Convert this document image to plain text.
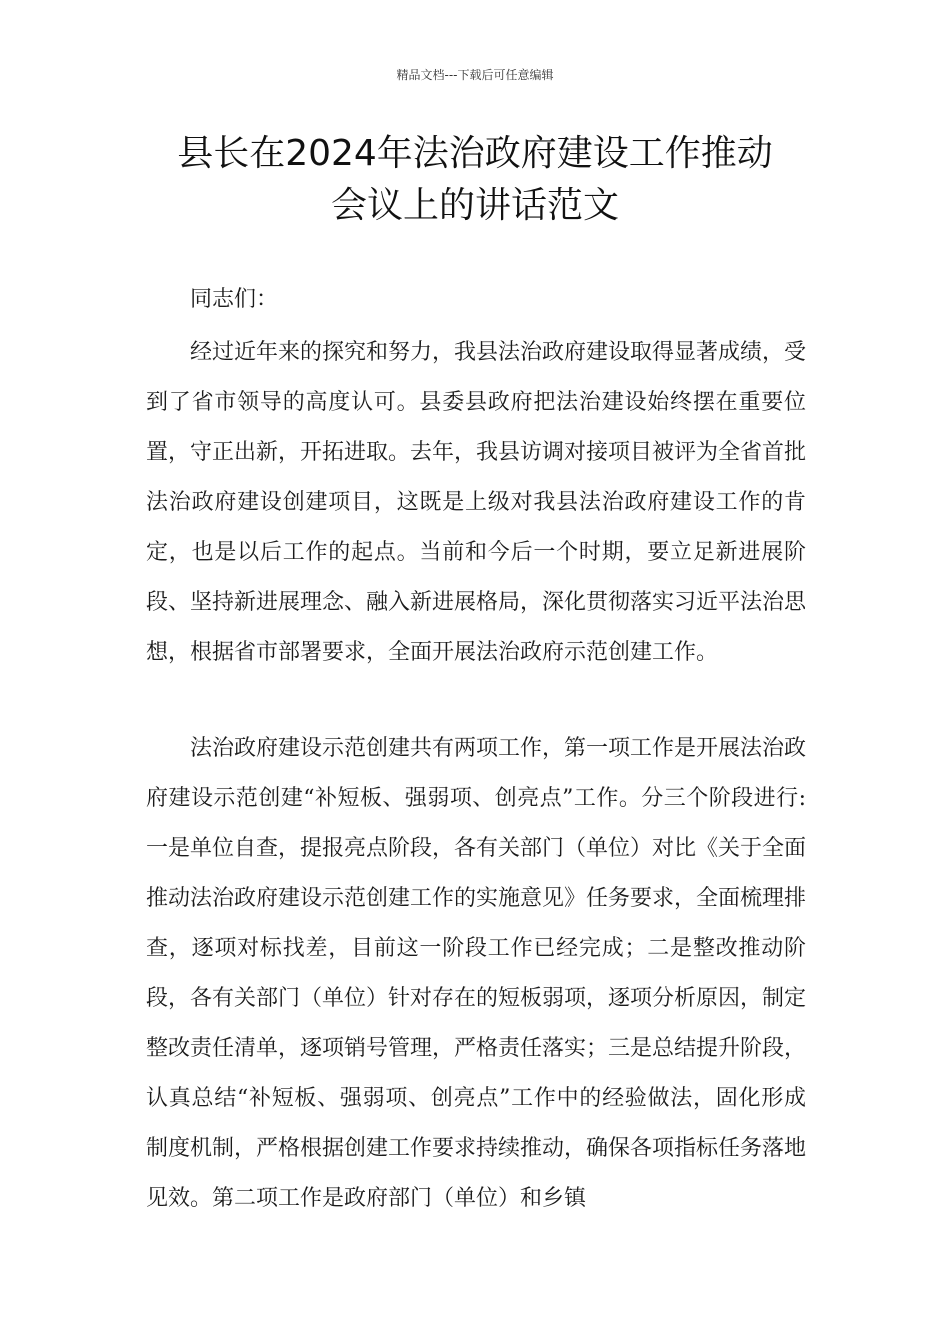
精品文档---下载后可任意编辑
县长在2024年法治政府建设工作推动
会议上的讲话范文

同志们：

经过近年来的探究和努力，我县法治政府建设取得显著成绩，受到了省市领导的高度认可。县委县政府把法治建设始终摆在重要位置，守正出新，开拓进取。去年，我县访调对接项目被评为全省首批法治政府建设创建项目，这既是上级对我县法治政府建设工作的肯定，也是以后工作的起点。当前和今后一个时期，要立足新进展阶段、坚持新进展理念、融入新进展格局，深化贯彻落实习近平法治思想，根据省市部署要求，全面开展法治政府示范创建工作。

法治政府建设示范创建共有两项工作，第一项工作是开展法治政府建设示范创建“补短板、强弱项、创亮点”工作。分三个阶段进行:一是单位自查，提报亮点阶段，各有关部门（单位）对比《关于全面推动法治政府建设示范创建工作的实施意见》任务要求，全面梳理排查，逐项对标找差，目前这一阶段工作已经完成；二是整改推动阶段，各有关部门（单位）针对存在的短板弱项，逐项分析原因，制定整改责任清单，逐项销号管理，严格责任落实；三是总结提升阶段，认真总结“补短板、强弱项、创亮点”工作中的经验做法，固化形成制度机制，严格根据创建工作要求持续推动，确保各项指标任务落地见效。第二项工作是政府部门（单位）和乡镇
